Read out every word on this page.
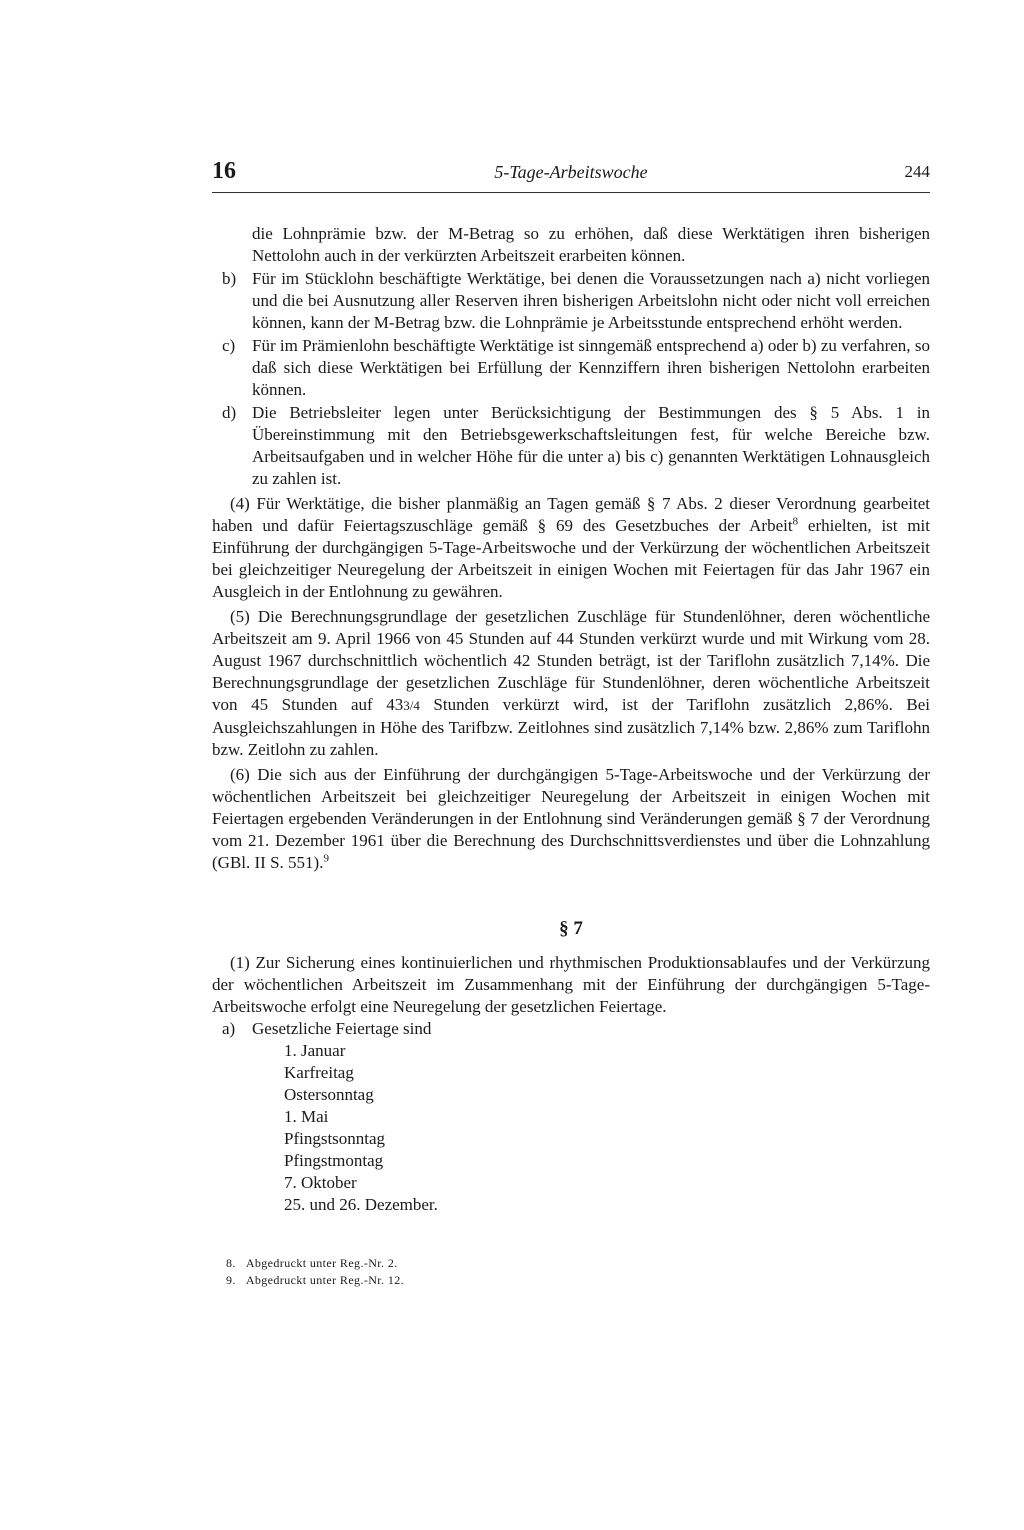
16	5-Tage-Arbeitswoche	244

die Lohnprämie bzw. der M-Betrag so zu erhöhen, daß diese Werktätigen ihren bisherigen Nettolohn auch in der verkürzten Arbeitszeit erarbeiten können.

b) Für im Stücklohn beschäftigte Werktätige, bei denen die Voraussetzungen nach a) nicht vorliegen und die bei Ausnutzung aller Reserven ihren bisherigen Arbeitslohn nicht oder nicht voll erreichen können, kann der M-Betrag bzw. die Lohnprämie je Arbeitsstunde entsprechend erhöht werden.

c) Für im Prämienlohn beschäftigte Werktätige ist sinngemäß entsprechend a) oder b) zu verfahren, so daß sich diese Werktätigen bei Erfüllung der Kennziffern ihren bisherigen Nettolohn erarbeiten können.

d) Die Betriebsleiter legen unter Berücksichtigung der Bestimmungen des § 5 Abs. 1 in Übereinstimmung mit den Betriebsgewerkschaftsleitungen fest, für welche Bereiche bzw. Arbeitsaufgaben und in welcher Höhe für die unter a) bis c) genannten Werktätigen Lohnausgleich zu zahlen ist.

(4) Für Werktätige, die bisher planmäßig an Tagen gemäß § 7 Abs. 2 dieser Verordnung gearbeitet haben und dafür Feiertagszuschläge gemäß § 69 des Gesetzbuches der Arbeit$^8$ erhielten, ist mit Einführung der durchgängigen 5-Tage-Arbeitswoche und der Verkürzung der wöchentlichen Arbeitszeit bei gleichzeitiger Neuregelung der Arbeitszeit in einigen Wochen mit Feiertagen für das Jahr 1967 ein Ausgleich in der Entlohnung zu gewähren.

(5) Die Berechnungsgrundlage der gesetzlichen Zuschläge für Stundenlöhner, deren wöchentliche Arbeitszeit am 9. April 1966 von 45 Stunden auf 44 Stunden verkürzt wurde und mit Wirkung vom 28. August 1967 durchschnittlich wöchentlich 42 Stunden beträgt, ist der Tariflohn zusätzlich 7,14%. Die Berechnungsgrundlage der gesetzlichen Zuschläge für Stundenlöhner, deren wöchentliche Arbeitszeit von 45 Stunden auf 433/4 Stunden verkürzt wird, ist der Tariflohn zusätzlich 2,86%. Bei Ausgleichszahlungen in Höhe des Tarifbzw. Zeitlohnes sind zusätzlich 7,14% bzw. 2,86% zum Tariflohn bzw. Zeitlohn zu zahlen.

(6) Die sich aus der Einführung der durchgängigen 5-Tage-Arbeitswoche und der Verkürzung der wöchentlichen Arbeitszeit bei gleichzeitiger Neuregelung der Arbeitszeit in einigen Wochen mit Feiertagen ergebenden Veränderungen in der Entlohnung sind Veränderungen gemäß § 7 der Verordnung vom 21. Dezember 1961 über die Berechnung des Durchschnittsverdienstes und über die Lohnzahlung (GBl. II S. 551).$^9$

§ 7

(1) Zur Sicherung eines kontinuierlichen und rhythmischen Produktionsablaufes und der Verkürzung der wöchentlichen Arbeitszeit im Zusammenhang mit der Einführung der durchgängigen 5-Tage-Arbeitswoche erfolgt eine Neuregelung der gesetzlichen Feiertage.

a) Gesetzliche Feiertage sind

1. Januar
Karfreitag
Ostersonntag
1. Mai
Pfingstsonntag
Pfingstmontag
7. Oktober
25. und 26. Dezember.
8. Abgedruckt unter Reg.-Nr. 2.
9. Abgedruckt unter Reg.-Nr. 12.
